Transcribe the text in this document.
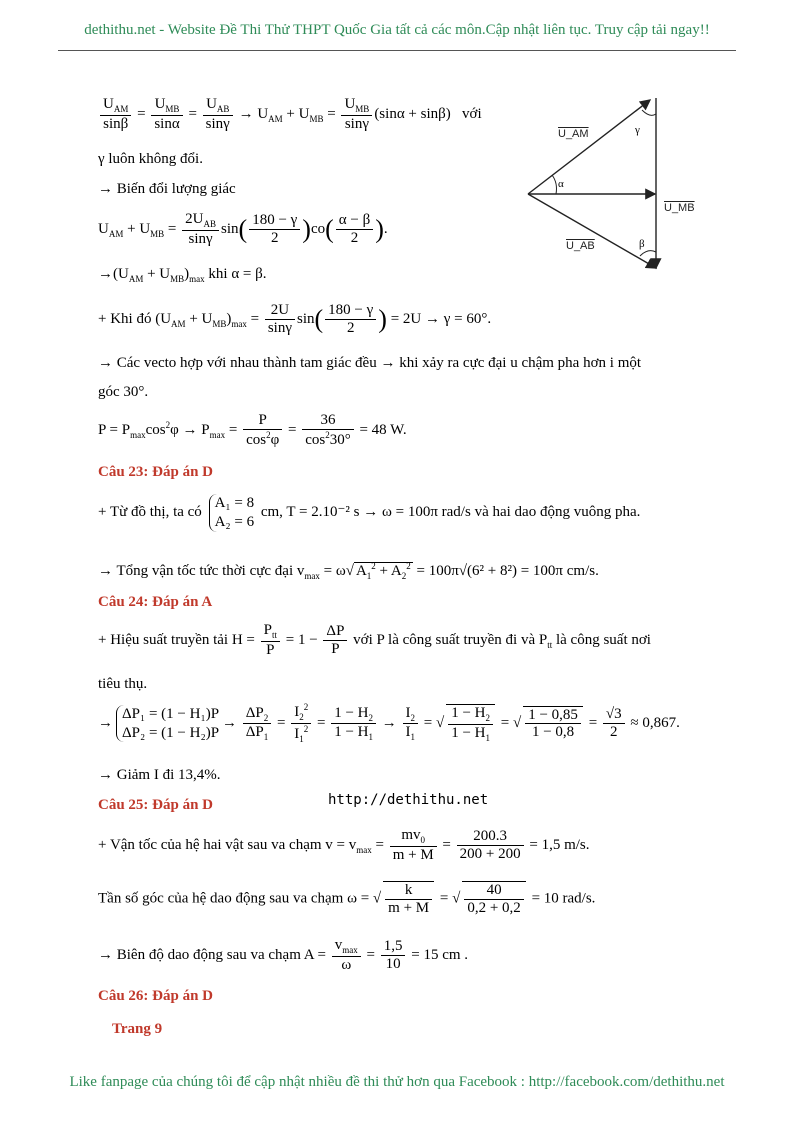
dethithu.net - Website Đề Thi Thử THPT Quốc Gia tất cả các môn.Cập nhật liên tục. Truy cập tải ngay!!
$\frac{U_{AM}}{\sin\beta} = \frac{U_{MB}}{\sin\alpha} = \frac{U_{AB}}{\sin\gamma} \to U_{AM} + U_{MB} = \frac{U_{MB}}{\sin\gamma} (\sin\alpha + \sin\beta)$   với
γ luôn không đổi.
→ Biến đổi lượng giác
$U_{AM} + U_{MB} = \frac{2U_{AB}}{\sin\gamma} \sin( \frac{180 - \gamma}{2} )co( \frac{\alpha - \beta}{2}$ ).
$\to(U_{AM} + U_{MB})_{max}$ khi α = β.
+ Khi đó $(U_{AM} + U_{MB})_{max} = \frac{2U}{\sin\gamma} \sin( \frac{180 - \gamma}{2}$ ) = 2U → γ = 60°.
→ Các vecto hợp với nhau thành tam giác đều → khi xảy ra cực đại u chậm pha hơn i một
góc 30°.
$P = P_{max}\cos^2\varphi \to P_{max} = \frac{P}{\cos^2\varphi} = \frac{36}{\cos^230^\circ} = 48$ W.
U_AM
U_MB
U_AB
γ
α
β
Câu 23: Đáp án D
+ Từ đồ thị, ta có
A₁ = 8
A₂ = 6
cm, T = 2.10⁻² s → ω = 100π rad/s và hai dao động vuông pha.
→ Tổng vận tốc tức thời cực đại $v_{max} = \omega√$ $A_1^2 + A_2^2 = 100\pi√(6^2 + 8^2) = 100\pi$ cm/s.
Câu 24: Đáp án A
+ Hiệu suất truyền tải $H = \frac{P_{tt}}{P} = 1 - \frac{\Delta P}{P}$ với P là công suất truyền đi và $P_{tt}$ là công suất nơi
tiêu thụ.
→
ΔP₁ = (1 − H₁)P
ΔP₂ = (1 − H₂)P
→ $\frac{\Delta P_2}{\Delta P_1} = \frac{I_2^2}{I_1^2} = \frac{1 - H_2}{1 - H_1} \to \frac{I_2}{I_1}$ = √ $\frac{1 - H_2}{1 - H_1}$ = √ $\frac{1 - 0,85}{1 - 0,8} = \frac{√3}{2} \approx 0,867$.
→ Giảm I đi 13,4%.
Câu 25: Đáp án D	http://dethithu.net
+ Vận tốc của hệ hai vật sau va chạm $v = v_{max} = \frac{mv_0}{m + M} = \frac{200.3}{200 + 200} = 1,5$ m/s.
Tần số góc của hệ dao động sau va chạm ω = √ $\frac{k}{m + M}$ = √ $\frac{40}{0,2 + 0,2} = 10$ rad/s.
→ Biên độ dao động sau va chạm $A = \frac{v_{max}}{\omega} = \frac{1,5}{10} = 15$ cm .
Câu 26: Đáp án D
Trang 9
Like fanpage của chúng tôi để cập nhật nhiều đề thi thử hơn qua Facebook : http://facebook.com/dethithu.net
